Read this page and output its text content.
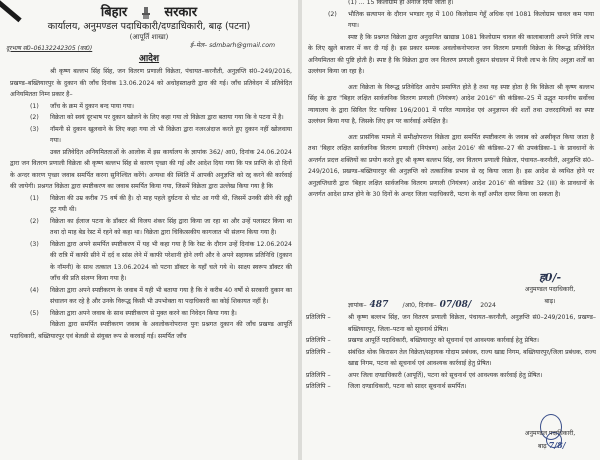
बिहार	सरकार
कार्यालय, अनुमण्डल पदाधिकारी/दण्डाधिकारी, बाढ़ (पटना)
(आपूर्ति शाखा)
ई–मेल– sdmbarh@gmail.com
दूरभाष सं0–06132242305 (का0)
आदेश

श्री कृष्ण बल्लभ सिंह सिंह, जन वितरण प्रणाली विक्रेता, पंचायत–करनौती, अनुज्ञप्ति सं0–249/2016, प्रखण्ड–बख्तियारपुर के दुकान की जाँच दिनांक 13.06.2024 को अधोहस्ताक्षरी द्वारा की गई। जाँच प्रतिवेदन में प्रतिवेदित अनियमितता निम्न प्रकार है–

(1)	जाँच के क्रम में दुकान बन्द पाया गया।
(2)	विक्रेता को स्वयं दूरभाष पर दुकान खोलने के लिए कहा गया तो विक्रेता द्वारा बताया गया कि वे पटना में है।
(3)	नॉमनी से दुकान खुलवाने के लिए कहा गया तो भी विक्रेता द्वारा नजरअंदाज करते हुए दुकान नहीं खोलवाया गया।

उक्त प्रतिवेदित अनियमितताओं के आलोक में इस कार्यालय के ज्ञापांक 362/ आ0, दिनांक 24.06.2024 द्वारा जन वितरण प्रणाली विक्रेता श्री कृष्ण बल्लभ सिंह से कारण पृच्छा की गई और आदेश दिया गया कि पत्र प्राप्ति के दो दिनों के अन्दर कारण पृच्छा जवाब समर्पित करना सुनिश्चित करेंगे। अन्यथा की स्थिति में आपकी अनुज्ञप्ति को रद्द करने की कार्रवाई की जायेगी। प्रश्नगत विक्रेता द्वारा स्पष्टीकरण का जवाब समर्पित किया गया, जिसमें विक्रेता द्वारा उल्लेख किया गया है कि

(1)	विक्रेता की उम्र करीब 75 वर्ष की है। दो माह पहले दुर्घटना से चोट आ गयी थी, जिसमें उनकी सीने की हड्डी टूट गयी थी।
(2)	विक्रेता का ईलाज पटना के डॉक्टर श्री विजय शंकर सिंह द्वारा किया जा रहा था और उन्हें पलास्टर किया था तथा दो माह बेड रेस्ट में रहने को कहा था। विक्रेता द्वारा चिकित्सकीय कागजात भी संलग्न किया गया है।
(3)	विक्रेता द्वारा अपने समर्पित स्पष्टीकरण में यह भी कहा गया है कि रेस्ट के दौरान उन्हें दिनांक 12.06.2024 की रात्रि में काफी सीने में दर्द व सांस लेने में काफी परेशानी होने लगी और वे अपने सहायक प्रतिनिधि (दुकान के नॉमनी) के साथ तत्काल 13.06.2024 को पटना डॉक्टर के यहाँ चले गये थे। साक्ष्य स्वरूप डॉक्टर की जाँच की प्रति संलग्न किया गया है।
(4)	विक्रेता द्वारा अपने स्पष्टीकरण के जवाब में यही भी बताया गया है कि वे करीब 40 वर्षों से सरकारी दुकान का संचालन कर रहे है और उनके विरूद्ध किसी भी उपभोक्ता या पदाधिकारी का कोई शिकायत नहीं है।
(5)	विक्रेता द्वारा अपने जवाब के साथ स्पष्टीकरण से मुक्त करने का निवेदन किया गया है।

विक्रेता द्वारा समर्पित स्पष्टीकरण जवाब के अवलोकनोपरान्त पुनः प्रश्नगत दुकान की जाँच प्रखण्ड आपूर्ति पदाधिकारी, बख्तियारपुर एवं बेलछी से संयुक्त रूप से करवाई गई। समर्पित जाँच

(1) ... 15 किलोग्राम ही अनाज दिया जाता है।
(2)	भौतिक सत्यापन के दौरान भण्डार गृह में 100 किलोग्राम गेहूँ अधिक एवं 1081 किलोग्राम चावल कम पाया गया।

स्पष्ट है कि प्रश्नगत विक्रेता द्वारा अनुदानित खाद्यान्न 1081 किलोग्राम चावल की कालाबाजारी अपने निजि लाभ के लिए खुले बाजार में कर दी गई है। इस प्रकार सम्यक अवलोकनोपरान्त जन वितरण प्रणाली विक्रेता के विरूद्ध प्रतिवेदित अनियमितता की पुष्टि होती है। स्पष्ट है कि विक्रेता द्वारा जन वितरण प्रणाली दुकान संचालन में निजी लाभ के लिए अनुज्ञा शर्तों का उल्लंघन किया जा रहा है।

अतः विक्रेता के विरूद्ध प्रतिवेदित आरोप प्रमाणित होते है तथा यह स्पष्ट होता है कि विक्रेता श्री कृष्ण बल्लभ सिंह के द्वारा "बिहार लक्षित सार्वजनिक वितरण प्रणाली (नियंत्रण) आदेश 2016" की कंडिका–25 में उद्धृत माननीय सर्वोच्च न्यायालय के द्वारा सिविल रिट याचिका 196/2001 में पारित न्यायादेश एवं अनुज्ञापन की शर्तों तथा उत्तरदायित्वों का स्पष्ट उल्लंघन किया गया है, जिसके लिए इन पर कार्रवाई अपेक्षित है।

अतः प्रासंगिक मामले में समीक्षोपरान्त विक्रेता द्वारा समर्पित स्पष्टीकरण के जवाब को अस्वीकृत किया जाता है तथा 'बिहार लक्षित सार्वजनिक वितरण प्रणाली (नियंत्रण) आदेश 2016' की कंडिका–27 की उपकंडिका–1 के प्रावधानों के अन्तर्गत प्रदत्त शक्तियों का प्रयोग करते हुए श्री कृष्ण बल्लभ सिंह, जन वितरण प्रणाली विक्रेता, पंचायत–करनौती, अनुज्ञप्ति सं0–249/2016, प्रखण्ड–बख्तियारपुर की अनुज्ञप्ति को तत्कालिक प्रभाव से रद्द किया जाता है। इस आदेश से व्यथित होने पर अनुज्ञप्तिधारी द्वारा 'बिहार लक्षित सार्वजनिक वितरण प्रणाली (नियंत्रण) आदेश 2016' की कंडिका 32 (III) के प्रावधानों के अन्तर्गत आदेश प्राप्त होने के 30 दिनों के अन्दर जिला पदाधिकारी, पटना के यहाँ अपील दायर किया जा सकता है।

ह0/-
अनुमण्डल पदाधिकारी,
बाढ़।
ज्ञापांक– 487	/आ0, दिनांक– 07/08/ 2024
प्रतिलिपि –	श्री कृष्ण बल्लभ सिंह, जन वितरण प्रणाली विक्रेता, पंचायत–करनौती, अनुज्ञप्ति सं0–249/2016, प्रखण्ड–बख्तियारपुर, जिला–पटना को सूचनार्थ प्रेषित।
प्रतिलिपि –	प्रखण्ड आपूर्ति पदाधिकारी, बख्तियारपुर को सूचनार्थ एवं आवश्यक कार्रवाई हेतु प्रेषित।
प्रतिलिपि –	संबंधित थोक किरासन तेल विक्रेता/सहायक गोदाम प्रबंधक, राज्य खाद्य निगम, बख्तियारपुर/जिला प्रबंधक, राज्य खाद्य निगम, पटना को सूचनार्थ एवं आवश्यक कार्रवाई हेतु प्रेषित।
प्रतिलिपि –	अपर जिला दण्डाधिकारी (आपूर्ति), पटना को सूचनार्थ एवं आवश्यक कार्रवाई हेतु प्रेषित।
प्रतिलिपि –	जिला दण्डाधिकारी, पटना को सादर सूचनार्थ समर्पित।
अनुमण्डल पदाधिकारी,
बाढ़ 7/8/
